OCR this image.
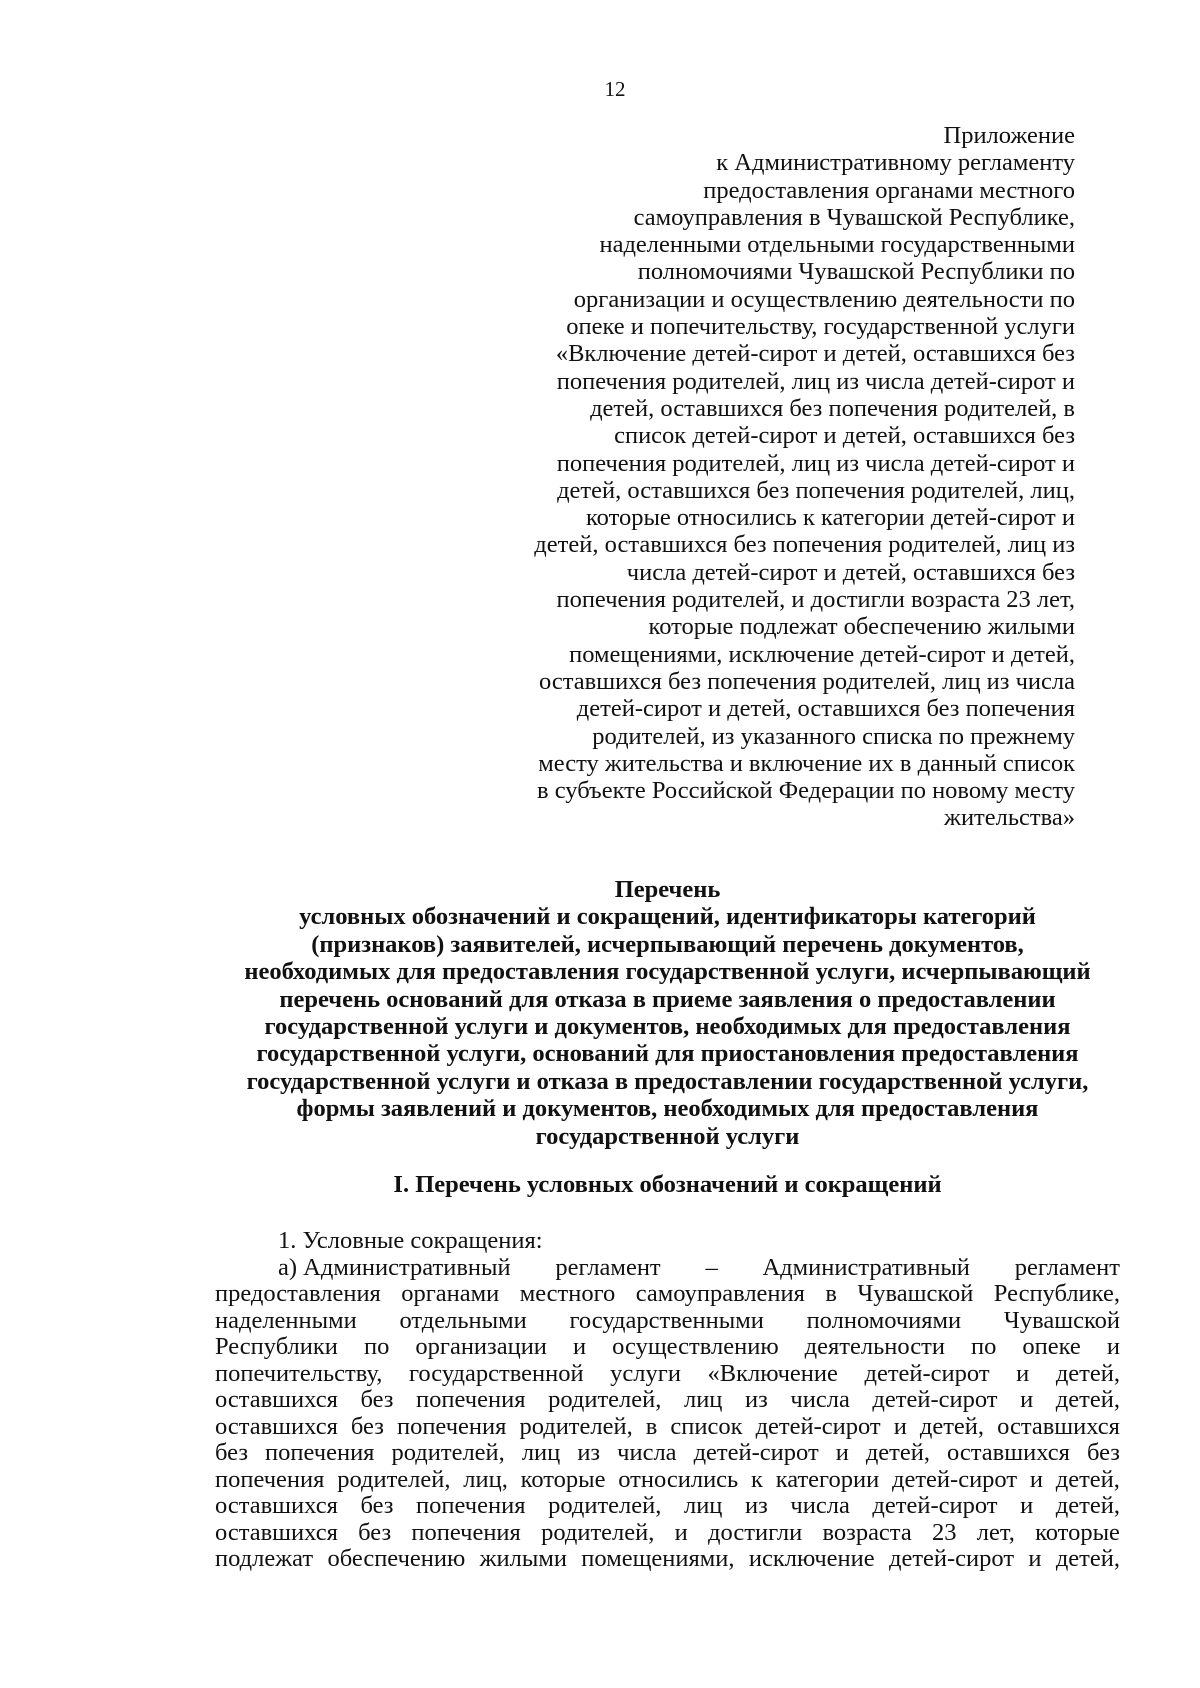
12
Приложение
к Административному регламенту
предоставления органами местного
самоуправления в Чувашской Республике,
наделенными отдельными государственными
полномочиями Чувашской Республики по
организации и осуществлению деятельности по
опеке и попечительству, государственной услуги
«Включение детей-сирот и детей, оставшихся без
попечения родителей, лиц из числа детей-сирот и
детей, оставшихся без попечения родителей, в
список детей-сирот и детей, оставшихся без
попечения родителей, лиц из числа детей-сирот и
детей, оставшихся без попечения родителей, лиц,
которые относились к категории детей-сирот и
детей, оставшихся без попечения родителей, лиц из
числа детей-сирот и детей, оставшихся без
попечения родителей, и достигли возраста 23 лет,
которые подлежат обеспечению жилыми
помещениями, исключение детей-сирот и детей,
оставшихся без попечения родителей, лиц из числа
детей-сирот и детей, оставшихся без попечения
родителей, из указанного списка по прежнему
месту жительства и включение их в данный список
в субъекте Российской Федерации по новому месту
жительства»
Перечень
условных обозначений и сокращений, идентификаторы категорий
(признаков) заявителей, исчерпывающий перечень документов,
необходимых для предоставления государственной услуги, исчерпывающий
перечень оснований для отказа в приеме заявления о предоставлении
государственной услуги и документов, необходимых для предоставления
государственной услуги, оснований для приостановления предоставления
государственной услуги и отказа в предоставлении государственной услуги,
формы заявлений и документов, необходимых для предоставления
государственной услуги
I. Перечень условных обозначений и сокращений
1. Условные сокращения:
а) Административный регламент – Административный регламент
предоставления органами местного самоуправления в Чувашской Республике,
наделенными отдельными государственными полномочиями Чувашской
Республики по организации и осуществлению деятельности по опеке и
попечительству, государственной услуги «Включение детей-сирот и детей,
оставшихся без попечения родителей, лиц из числа детей-сирот и детей,
оставшихся без попечения родителей, в список детей-сирот и детей, оставшихся
без попечения родителей, лиц из числа детей-сирот и детей, оставшихся без
попечения родителей, лиц, которые относились к категории детей-сирот и детей,
оставшихся без попечения родителей, лиц из числа детей-сирот и детей,
оставшихся без попечения родителей, и достигли возраста 23 лет, которые
подлежат обеспечению жилыми помещениями, исключение детей-сирот и детей,
